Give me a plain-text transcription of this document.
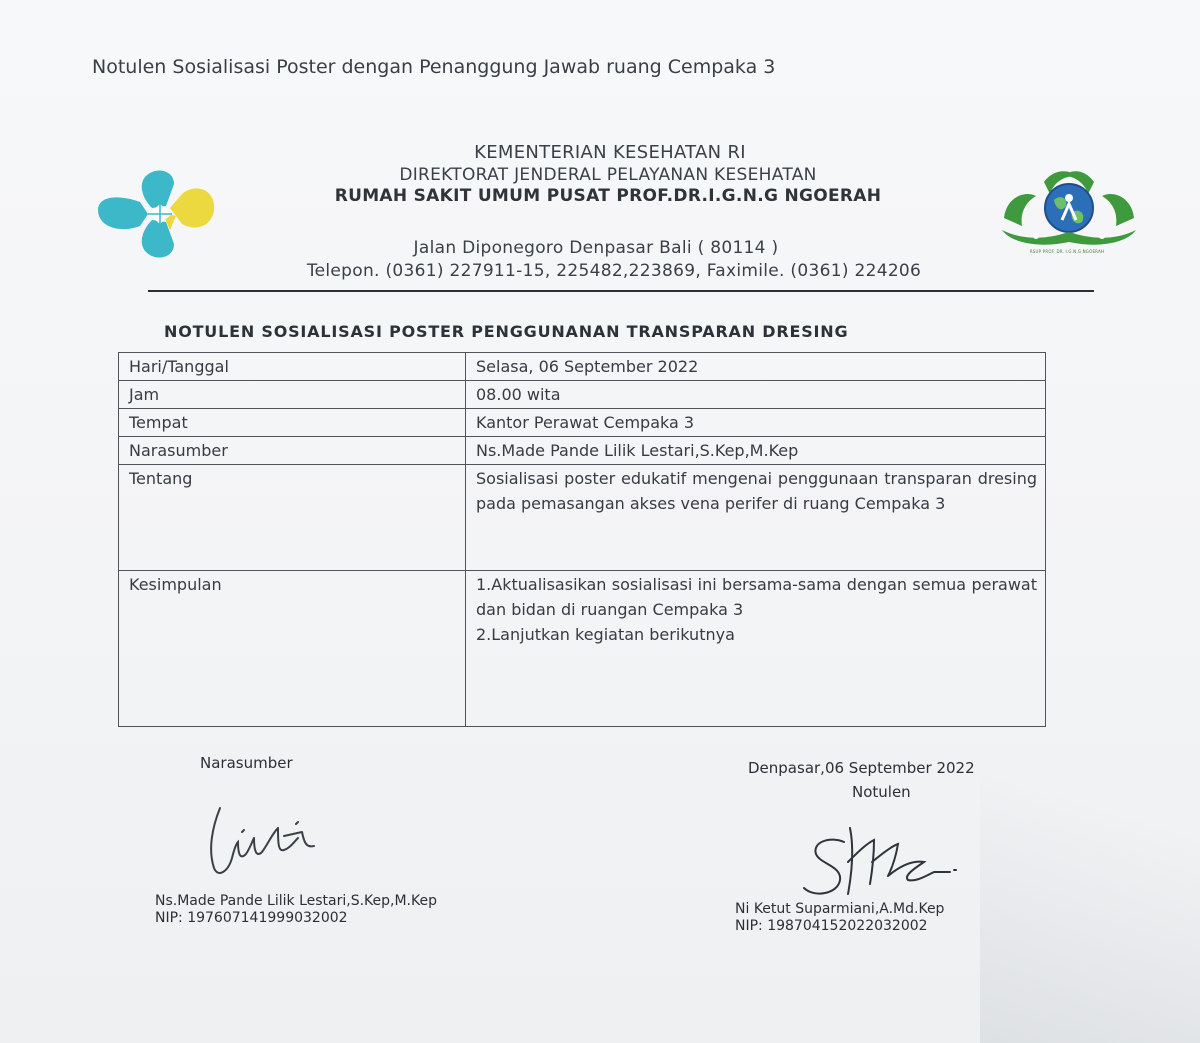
Notulen Sosialisasi Poster dengan Penanggung Jawab ruang Cempaka 3
KEMENTERIAN KESEHATAN RI
DIREKTORAT JENDERAL PELAYANAN KESEHATAN
RUMAH SAKIT UMUM PUSAT PROF.DR.I.G.N.G NGOERAH
Jalan Diponegoro Denpasar Bali ( 80114 )
Telepon. (0361) 227911-15, 225482,223869, Faximile. (0361) 224206
RSUP PROF. DR. I.G.N.G NGOERAH
NOTULEN SOSIALISASI POSTER PENGGUNANAN TRANSPARAN DRESING
Hari/Tanggal	Selasa, 06 September 2022
Jam	08.00 wita
Tempat	Kantor Perawat Cempaka 3
Narasumber	Ns.Made Pande Lilik Lestari,S.Kep,M.Kep
Tentang	Sosialisasi poster edukatif mengenai penggunaan transparan dresing pada pemasangan akses vena perifer di ruang Cempaka 3
Kesimpulan	1.Aktualisasikan sosialisasi ini bersama-sama dengan semua perawat dan bidan di ruangan Cempaka 3
2.Lanjutkan kegiatan berikutnya
Narasumber	Denpasar,06 September 2022
Notulen
Ns.Made Pande Lilik Lestari,S.Kep,M.Kep
NIP: 197607141999032002
Ni Ketut Suparmiani,A.Md.Kep
NIP: 198704152022032002
